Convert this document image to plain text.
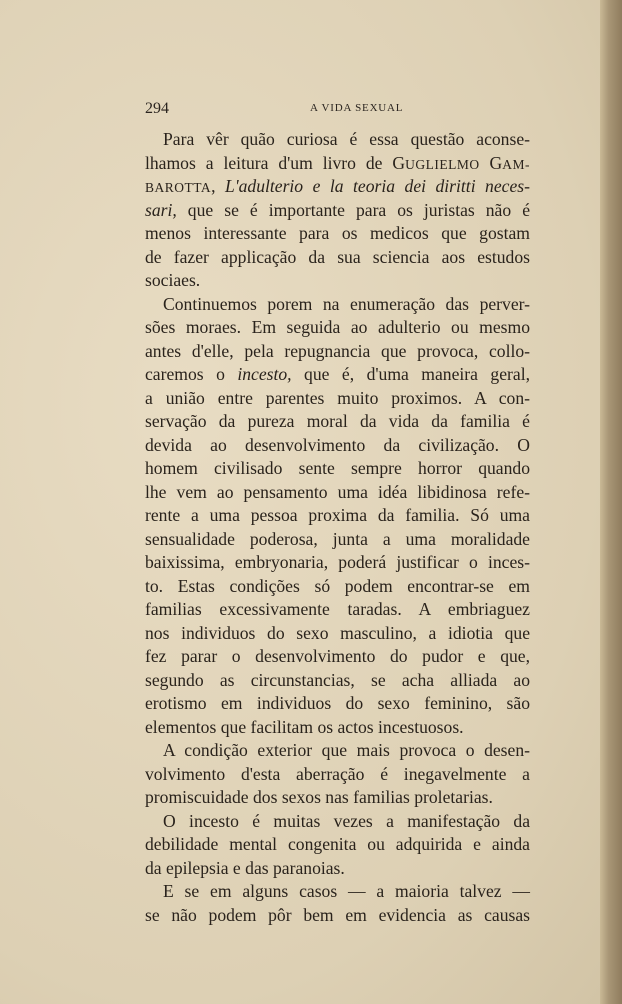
294	A VIDA SEXUAL
Para vêr quão curiosa é essa questão aconse-
lhamos a leitura d'um livro de GUGLIELMO GAM-
BAROTTA, L'adulterio e la teoria dei diritti neces-
sari, que se é importante para os juristas não é
menos interessante para os medicos que gostam
de fazer applicação da sua sciencia aos estudos
sociaes.
Continuemos porem na enumeração das perver-
sões moraes. Em seguida ao adulterio ou mesmo
antes d'elle, pela repugnancia que provoca, collo-
caremos o incesto, que é, d'uma maneira geral,
a união entre parentes muito proximos. A con-
servação da pureza moral da vida da familia é
devida ao desenvolvimento da civilização. O
homem civilisado sente sempre horror quando
lhe vem ao pensamento uma idéa libidinosa refe-
rente a uma pessoa proxima da familia. Só uma
sensualidade poderosa, junta a uma moralidade
baixissima, embryonaria, poderá justificar o inces-
to. Estas condições só podem encontrar-se em
familias excessivamente taradas. A embriaguez
nos individuos do sexo masculino, a idiotia que
fez parar o desenvolvimento do pudor e que,
segundo as circunstancias, se acha alliada ao
erotismo em individuos do sexo feminino, são
elementos que facilitam os actos incestuosos.
A condição exterior que mais provoca o desen-
volvimento d'esta aberração é inegavelmente a
promiscuidade dos sexos nas familias proletarias.
O incesto é muitas vezes a manifestação da
debilidade mental congenita ou adquirida e ainda
da epilepsia e das paranoias.
E se em alguns casos — a maioria talvez —
se não podem pôr bem em evidencia as causas
